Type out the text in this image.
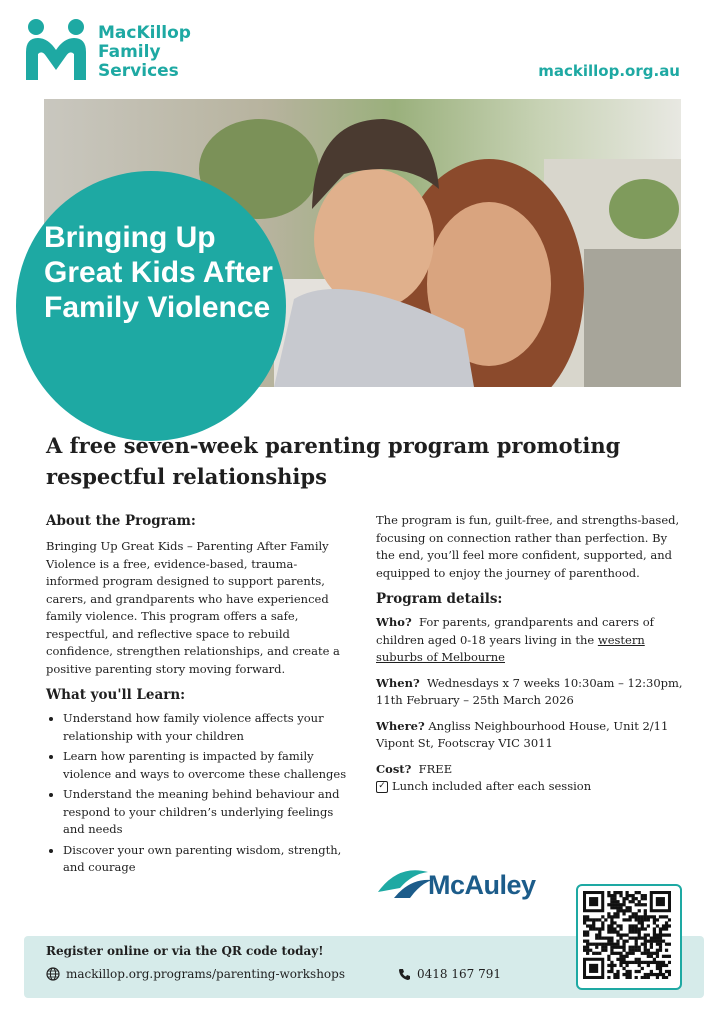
MacKillop
Family
Services	mackillop.org.au
Bringing Up Great Kids After Family Violence
A free seven-week parenting program promoting respectful relationships
About the Program:

Bringing Up Great Kids – Parenting After Family Violence is a free, evidence-based, trauma-informed program designed to support parents, carers, and grandparents who have experienced family violence. This program offers a safe, respectful, and reflective space to rebuild confidence, strengthen relationships, and create a positive parenting story moving forward.

What you'll Learn:
• Understand how family violence affects your relationship with your children
• Learn how parenting is impacted by family violence and ways to overcome these challenges
• Understand the meaning behind behaviour and respond to your children’s underlying feelings and needs
• Discover your own parenting wisdom, strength, and courage

The program is fun, guilt-free, and strengths-based, focusing on connection rather than perfection. By the end, you’ll feel more confident, supported, and equipped to enjoy the journey of parenthood.

Program details:

Who? For parents, grandparents and carers of children aged 0-18 years living in the western suburbs of Melbourne

When? Wednesdays x 7 weeks 10:30am – 12:30pm, 11th February – 25th March 2026

Where? Angliss Neighbourhood House, Unit 2/11 Vipont St, Footscray VIC 3011

Cost? FREE

✓ Lunch included after each session
McAuley
Register online or via the QR code today!
mackillop.org.programs/parenting-workshops	0418 167 791
